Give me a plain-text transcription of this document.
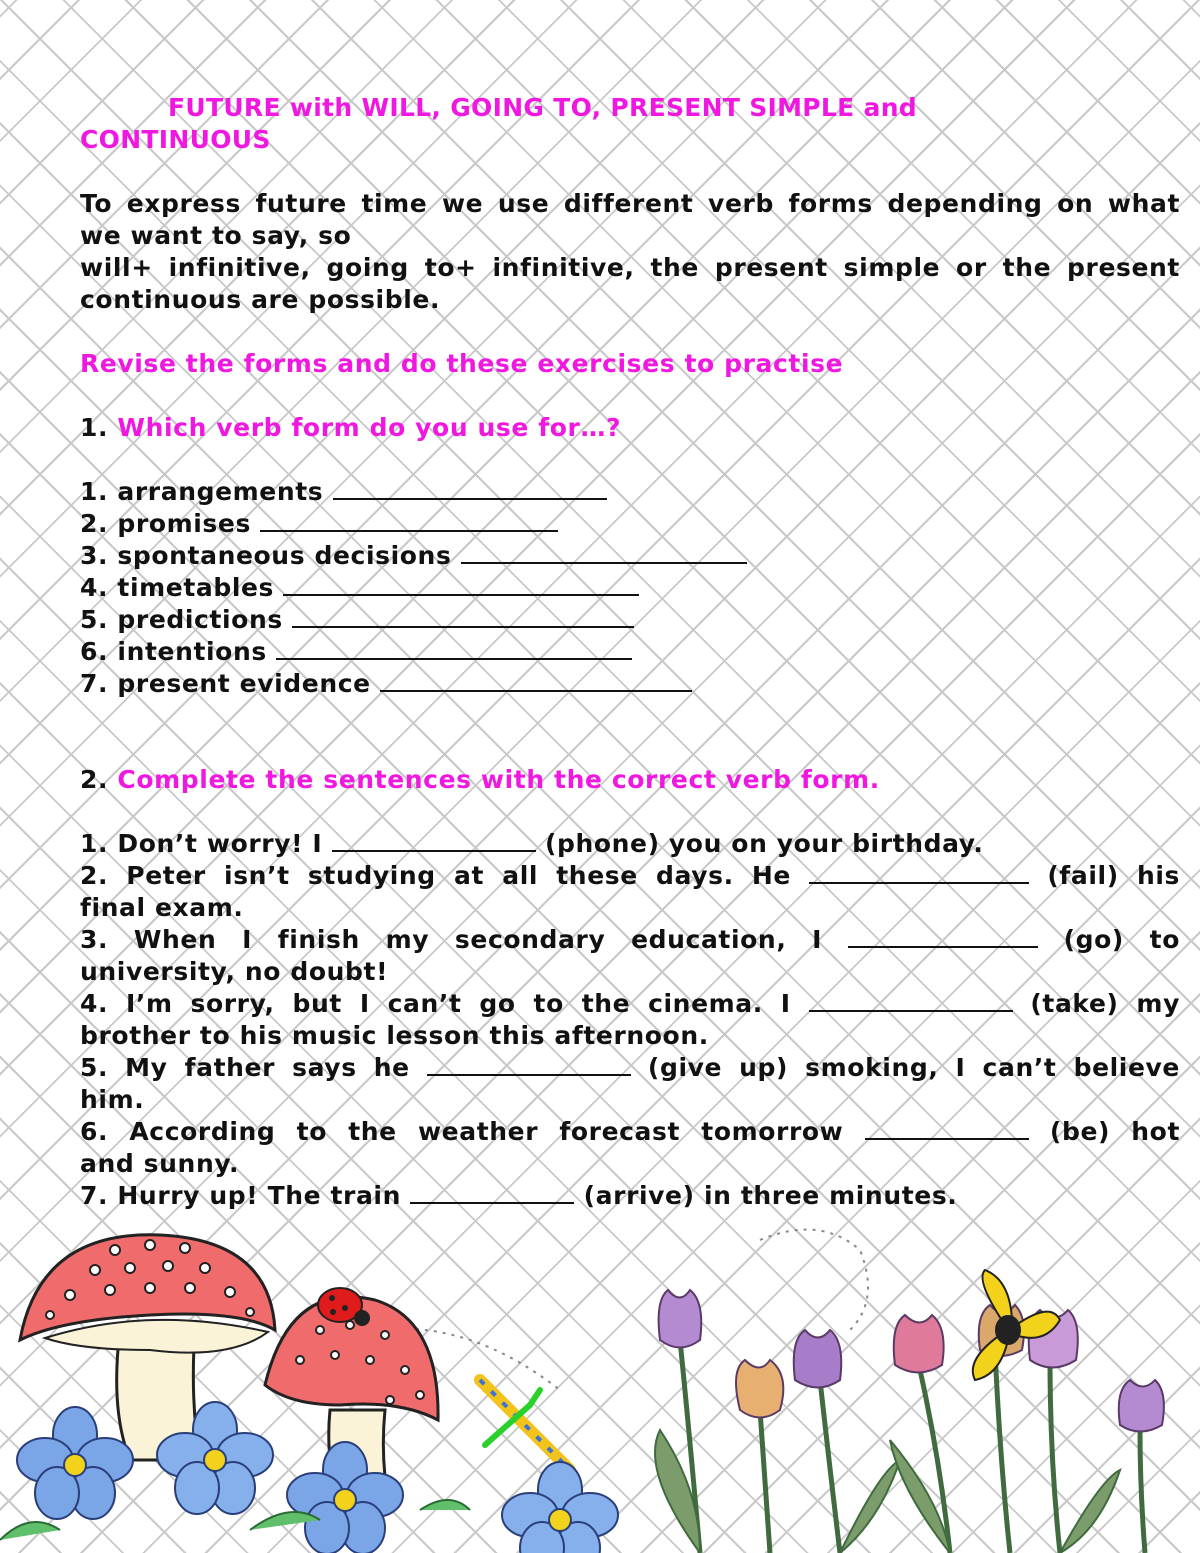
FUTURE with WILL, GOING TO, PRESENT SIMPLE and

CONTINUOUS

To express future time we use different verb forms depending on what

we want to say, so

will+ infinitive, going to+ infinitive, the present simple or the present

continuous are possible.

Revise the forms and do these exercises to practise

1. Which verb form do you use for…?

1. arrangements

2. promises

3. spontaneous decisions

4. timetables

5. predictions

6. intentions

7. present evidence

2. Complete the sentences with the correct verb form.

1. Don’t worry! I	(phone) you on your birthday.

2. Peter isn’t studying at all these days. He	(fail) his

final exam.

3. When I finish my secondary education, I	(go) to

university, no doubt!

4. I’m sorry, but I can’t go to the cinema. I	(take) my

brother to his music lesson this afternoon.

5. My father says he	(give up) smoking, I can’t believe

him.

6. According to the weather forecast tomorrow	(be) hot

and sunny.

7. Hurry up! The train	(arrive) in three minutes.
